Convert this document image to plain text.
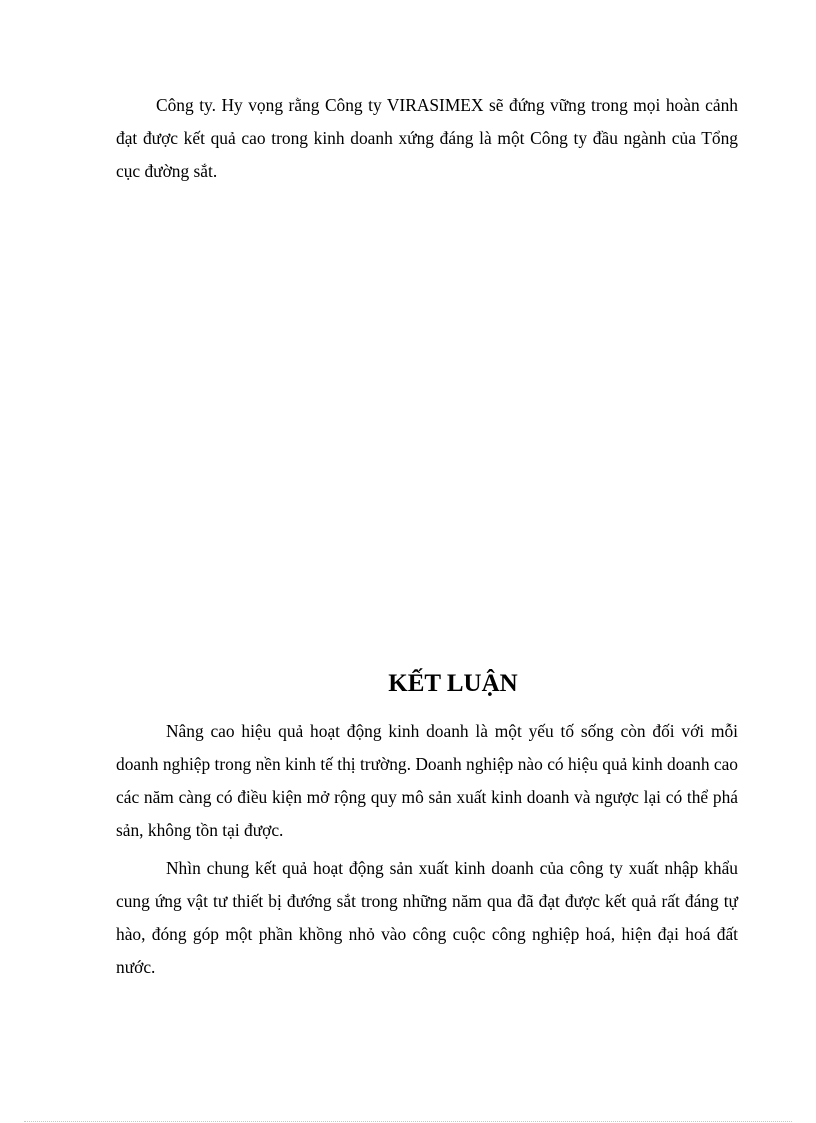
Công ty. Hy vọng rằng Công ty VIRASIMEX sẽ đứng vững trong mọi hoàn cảnh đạt được kết quả cao trong kinh doanh xứng đáng là một Công ty đầu ngành của Tổng cục đường sắt.

KẾT LUẬN

Nâng cao hiệu quả hoạt động kinh doanh là một yếu tố sống còn đối với mỗi doanh nghiệp trong nền kinh tế thị trường. Doanh nghiệp nào có hiệu quả kinh doanh cao các năm càng có điều kiện mở rộng quy mô sản xuất kinh doanh và ngược lại có thể phá sản, không tồn tại được.

Nhìn chung kết quả hoạt động sản xuất kinh doanh của công ty xuất nhập khẩu cung ứng vật tư thiết bị đướng sắt trong những năm qua đã đạt được kết quả rất đáng tự hào, đóng góp một phần khồng nhỏ vào công cuộc công nghiệp hoá, hiện đại hoá đất nước.
